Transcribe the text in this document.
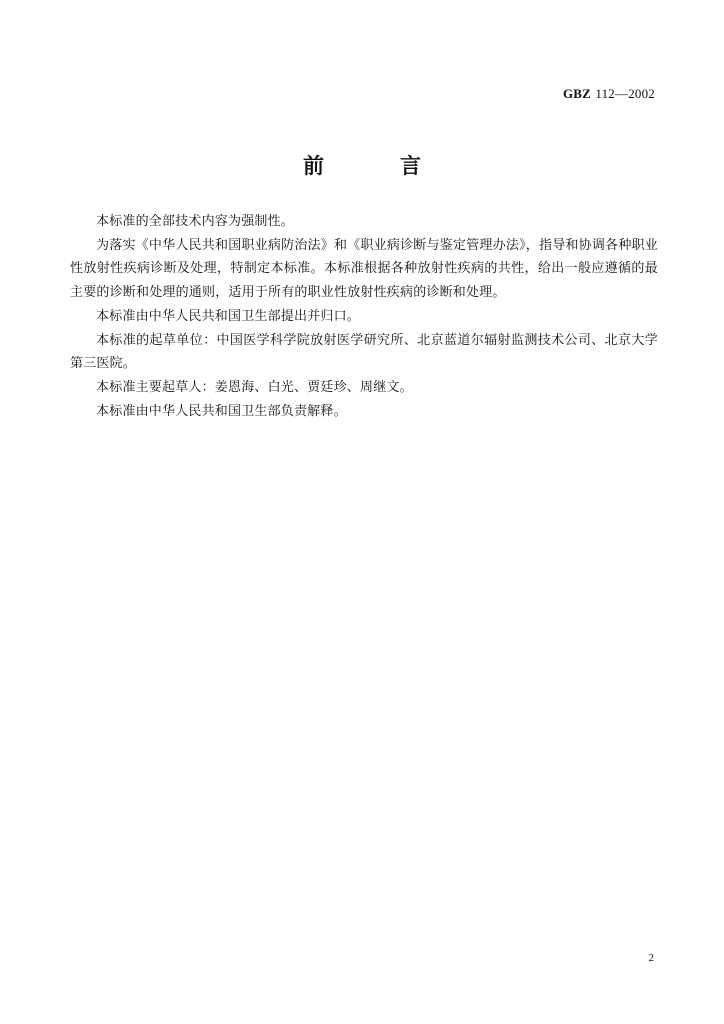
GBZ 112—2002
前言

本标准的全部技术内容为强制性。

为落实《中华人民共和国职业病防治法》和《职业病诊断与鉴定管理办法》，指导和协调各种职业性放射性疾病诊断及处理，特制定本标准。本标准根据各种放射性疾病的共性，给出一般应遵循的最主要的诊断和处理的通则，适用于所有的职业性放射性疾病的诊断和处理。

本标准由中华人民共和国卫生部提出并归口。

本标准的起草单位：中国医学科学院放射医学研究所、北京蓝道尔辐射监测技术公司、北京大学第三医院。

本标准主要起草人：姜恩海、白光、贾廷珍、周继文。

本标准由中华人民共和国卫生部负责解释。

2
